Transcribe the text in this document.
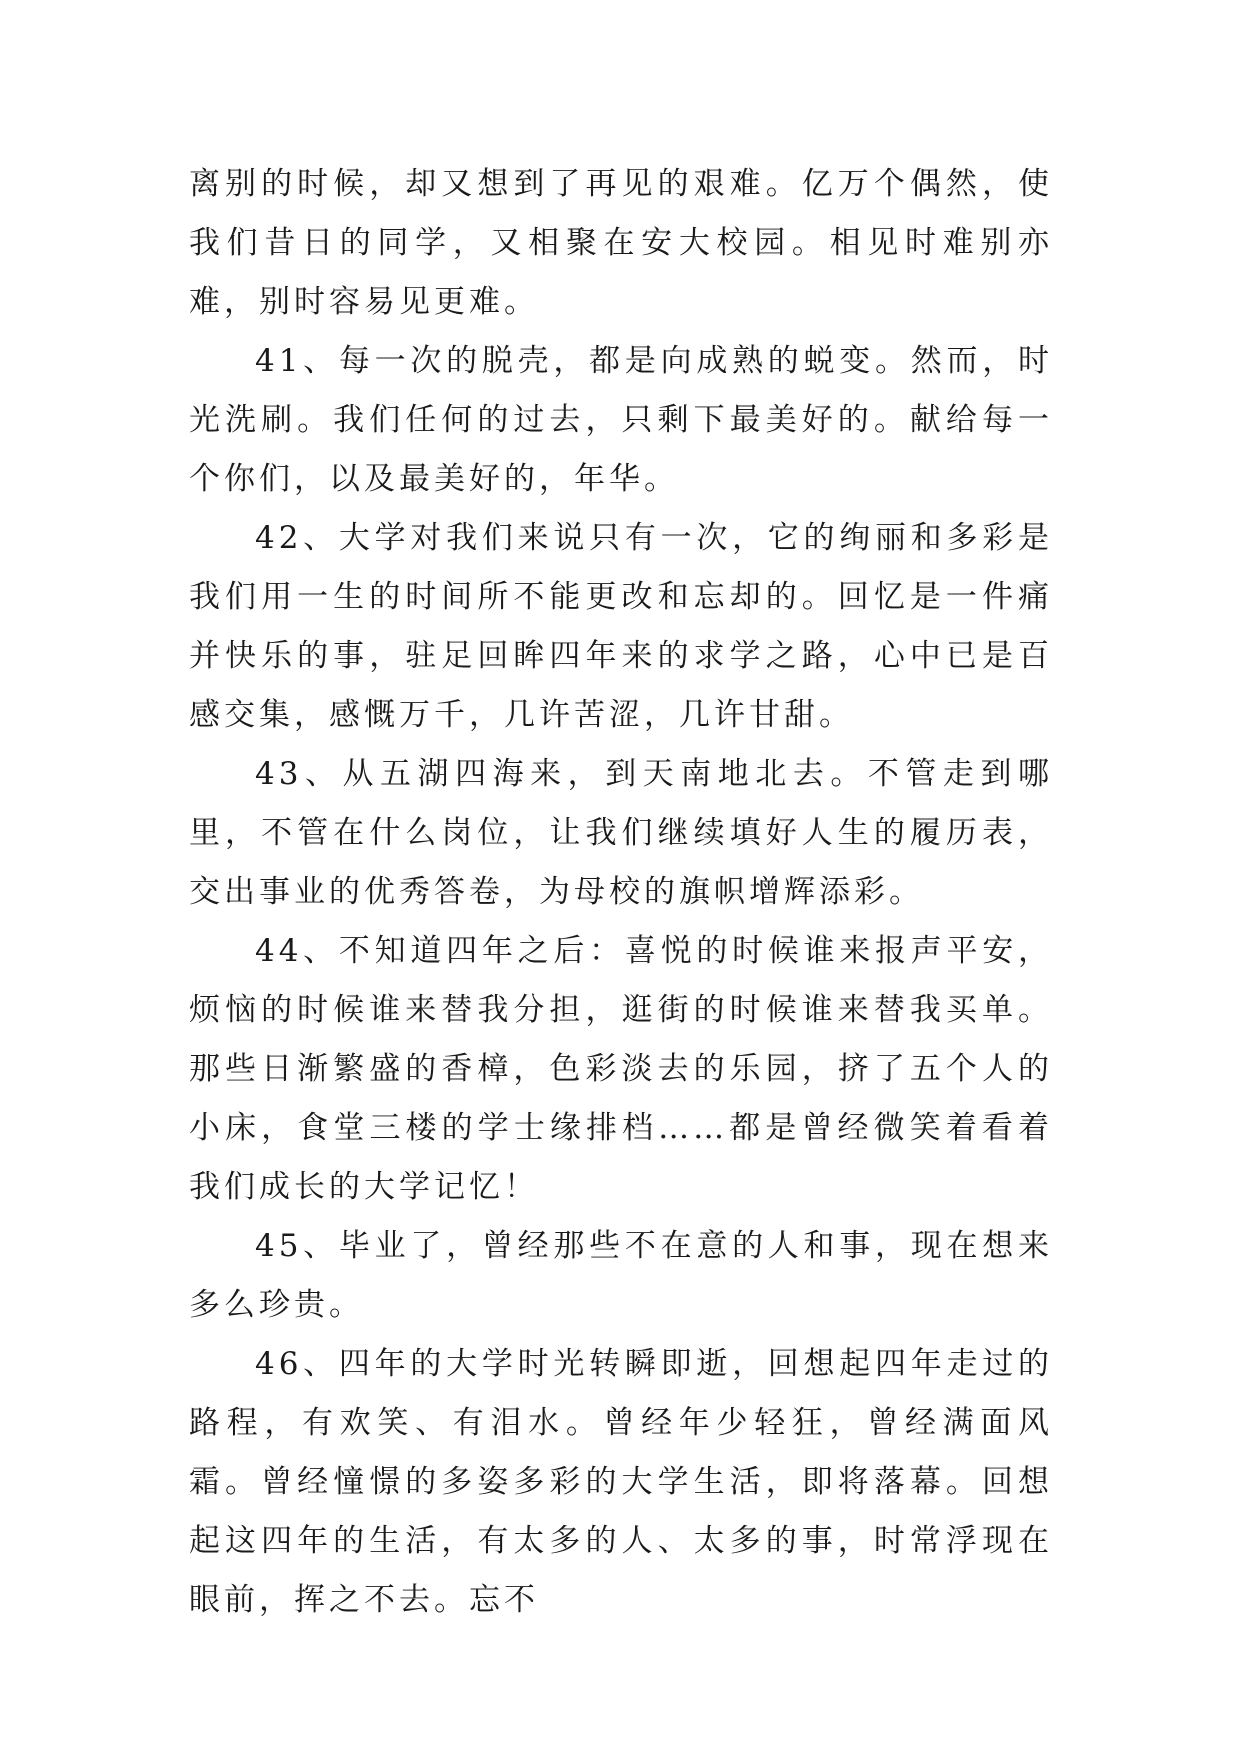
离别的时候，却又想到了再见的艰难。亿万个偶然，使我们昔日的同学，又相聚在安大校园。相见时难别亦难，别时容易见更难。

41、每一次的脱壳，都是向成熟的蜕变。然而，时光洗刷。我们任何的过去，只剩下最美好的。献给每一个你们，以及最美好的，年华。

42、大学对我们来说只有一次，它的绚丽和多彩是我们用一生的时间所不能更改和忘却的。回忆是一件痛并快乐的事，驻足回眸四年来的求学之路，心中已是百感交集，感慨万千，几许苦涩，几许甘甜。

43、从五湖四海来，到天南地北去。不管走到哪里，不管在什么岗位，让我们继续填好人生的履历表，交出事业的优秀答卷，为母校的旗帜增辉添彩。

44、不知道四年之后：喜悦的时候谁来报声平安，烦恼的时候谁来替我分担，逛街的时候谁来替我买单。那些日渐繁盛的香樟，色彩淡去的乐园，挤了五个人的小床，食堂三楼的学士缘排档……都是曾经微笑着看着我们成长的大学记忆！

45、毕业了，曾经那些不在意的人和事，现在想来多么珍贵。

46、四年的大学时光转瞬即逝，回想起四年走过的路程，有欢笑、有泪水。曾经年少轻狂，曾经满面风霜。曾经憧憬的多姿多彩的大学生活，即将落幕。回想起这四年的生活，有太多的人、太多的事，时常浮现在眼前，挥之不去。忘不
